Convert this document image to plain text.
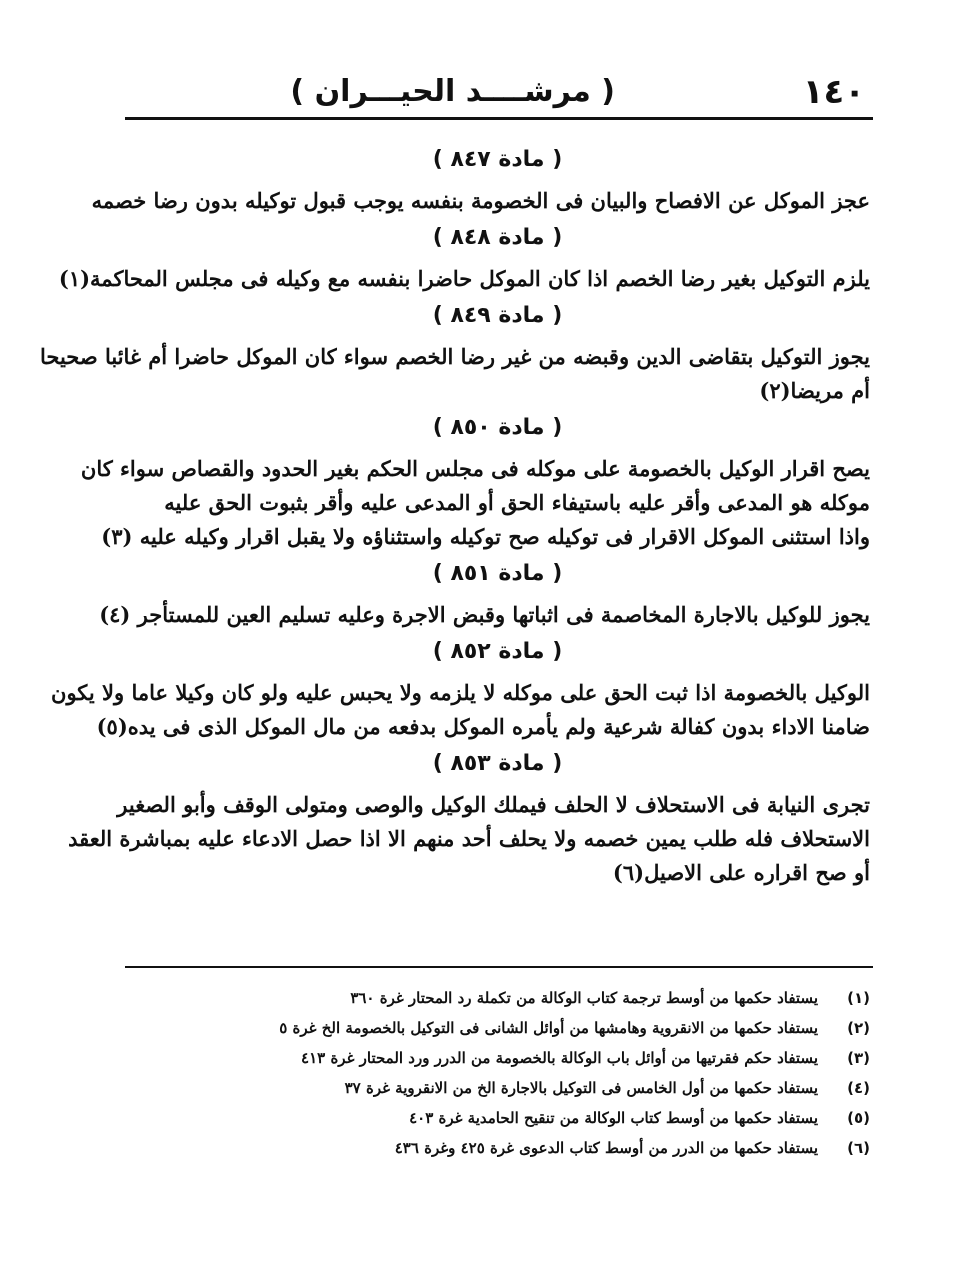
١٤٠
( مرشــــد الحيـــران )
( مادة ٨٤٧ )
عجز الموكل عن الافصاح والبيان فى الخصومة بنفسه يوجب قبول توكيله بدون رضا خصمه
( مادة ٨٤٨ )
يلزم التوكيل بغير رضا الخصم اذا كان الموكل حاضرا بنفسه مع وكيله فى مجلس المحاكمة(١)
( مادة ٨٤٩ )
يجوز التوكيل بتقاضى الدين وقبضه من غير رضا الخصم سواء كان الموكل حاضرا أم غائبا صحيحا
أم مريضا(٢)
( مادة ٨٥٠ )
يصح اقرار الوكيل بالخصومة على موكله فى مجلس الحكم بغير الحدود والقصاص سواء كان
موكله هو المدعى وأقر عليه باستيفاء الحق أو المدعى عليه وأقر بثبوت الحق عليه
واذا استثنى الموكل الاقرار فى توكيله صح توكيله واستثناؤه ولا يقبل اقرار وكيله عليه (٣)
( مادة ٨٥١ )
يجوز للوكيل بالاجارة المخاصمة فى اثباتها وقبض الاجرة وعليه تسليم العين للمستأجر (٤)
( مادة ٨٥٢ )
الوكيل بالخصومة اذا ثبت الحق على موكله لا يلزمه ولا يحبس عليه ولو كان وكيلا عاما ولا يكون
ضامنا الاداء بدون كفالة شرعية ولم يأمره الموكل بدفعه من مال الموكل الذى فى يده(٥)
( مادة ٨٥٣ )
تجرى النيابة فى الاستحلاف لا الحلف فيملك الوكيل والوصى ومتولى الوقف وأبو الصغير
الاستحلاف فله طلب يمين خصمه ولا يحلف أحد منهم الا اذا حصل الادعاء عليه بمباشرة العقد
أو صح اقراره على الاصيل(٦)
(١)يستفاد حكمها من أوسط ترجمة كتاب الوكالة من تكملة رد المحتار غرة ٣٦٠
(٢)يستفاد حكمها من الانقروية وهامشها من أوائل الشانى فى التوكيل بالخصومة الخ غرة ٥
(٣)يستفاد حكم فقرتيها من أوائل باب الوكالة بالخصومة من الدرر ورد المحتار غرة ٤١٣
(٤)يستفاد حكمها من أول الخامس فى التوكيل بالاجارة الخ من الانقروية غرة ٣٧
(٥)يستفاد حكمها من أوسط كتاب الوكالة من تنقيح الحامدية غرة ٤٠٣
(٦)يستفاد حكمها من الدرر من أوسط كتاب الدعوى غرة ٤٢٥ وغرة ٤٣٦
